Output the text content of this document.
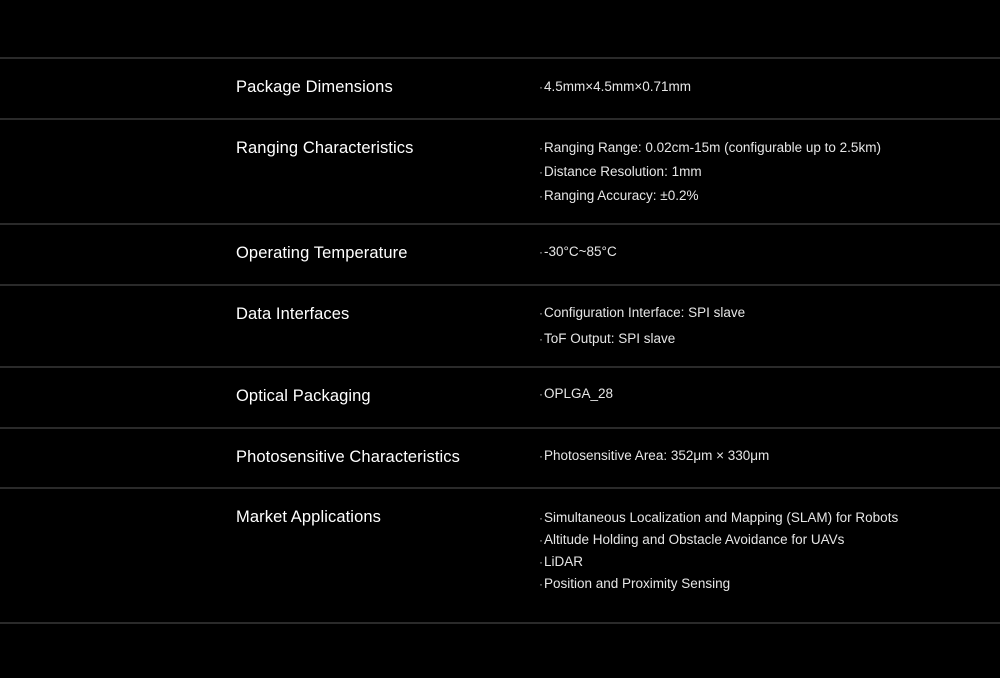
Package Dimensions	·4.5mm×4.5mm×0.71mm
Ranging Characteristics	·Ranging Range: 0.02cm-15m (configurable up to 2.5km)
·Distance Resolution: 1mm
·Ranging Accuracy: ±0.2%
Operating Temperature	·-30°C~85°C
Data Interfaces	·Configuration Interface: SPI slave
·ToF Output: SPI slave
Optical Packaging	·OPLGA_28
Photosensitive Characteristics	·Photosensitive Area: 352μm × 330μm
Market Applications	·Simultaneous Localization and Mapping (SLAM) for Robots
·Altitude Holding and Obstacle Avoidance for UAVs
·LiDAR
·Position and Proximity Sensing
